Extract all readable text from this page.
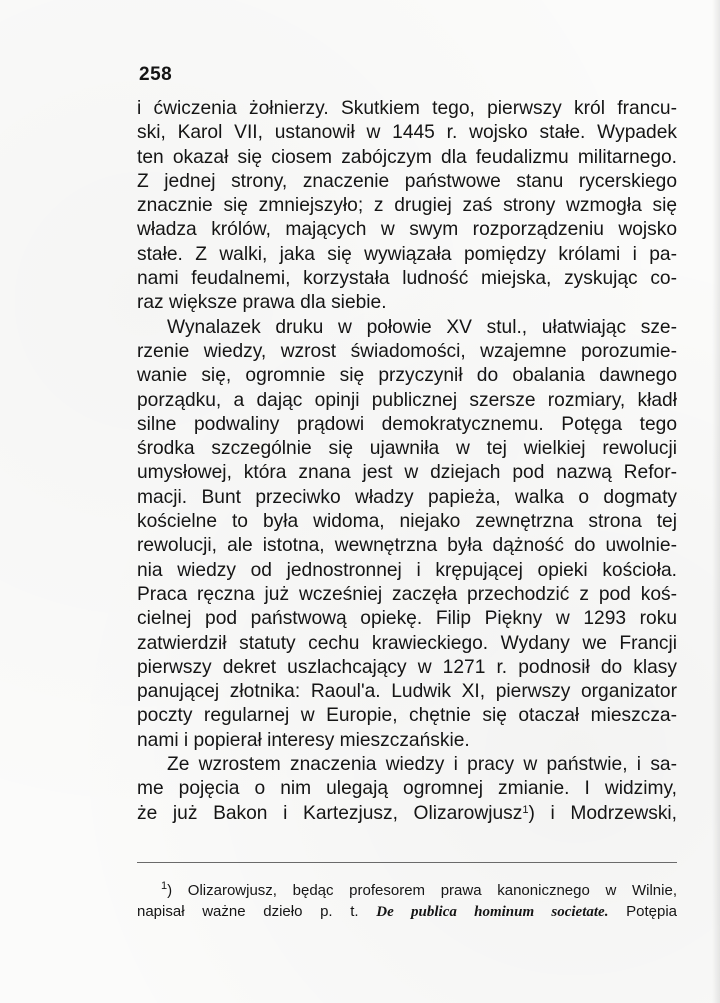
258
i ćwiczenia żołnierzy. Skutkiem tego, pierwszy król francu-
ski, Karol VII, ustanowił w 1445 r. wojsko stałe. Wypadek
ten okazał się ciosem zabójczym dla feudalizmu militarnego.
Z jednej strony, znaczenie państwowe stanu rycerskiego
znacznie się zmniejszyło; z drugiej zaś strony wzmogła się
władza królów, mających w swym rozporządzeniu wojsko
stałe. Z walki, jaka się wywiązała pomiędzy królami i pa-
nami feudalnemi, korzystała ludność miejska, zyskując co-
raz większe prawa dla siebie.
Wynalazek druku w połowie XV stul., ułatwiając sze-
rzenie wiedzy, wzrost świadomości, wzajemne porozumie-
wanie się, ogromnie się przyczynił do obalania dawnego
porządku, a dając opinji publicznej szersze rozmiary, kładł
silne podwaliny prądowi demokratycznemu. Potęga tego
środka szczególnie się ujawniła w tej wielkiej rewolucji
umysłowej, która znana jest w dziejach pod nazwą Refor-
macji. Bunt przeciwko władzy papieża, walka o dogmaty
kościelne to była widoma, niejako zewnętrzna strona tej
rewolucji, ale istotna, wewnętrzna była dążność do uwolnie-
nia wiedzy od jednostronnej i krępującej opieki kościoła.
Praca ręczna już wcześniej zaczęła przechodzić z pod koś-
cielnej pod państwową opiekę. Filip Piękny w 1293 roku
zatwierdził statuty cechu krawieckiego. Wydany we Francji
pierwszy dekret uszlachcający w 1271 r. podnosił do klasy
panującej złotnika: Raoul'a. Ludwik XI, pierwszy organizator
poczty regularnej w Europie, chętnie się otaczał mieszcza-
nami i popierał interesy mieszczańskie.
Ze wzrostem znaczenia wiedzy i pracy w państwie, i sa-
me pojęcia o nim ulegają ogromnej zmianie. I widzimy,
że już Bakon i Kartezjusz, Olizarowjusz$^1$) i Modrzewski,
$^1$) Olizarowjusz, będąc profesorem prawa kanonicznego w Wilnie,
napisał ważne dzieło p. t. De publica hominum societate. Potępia
